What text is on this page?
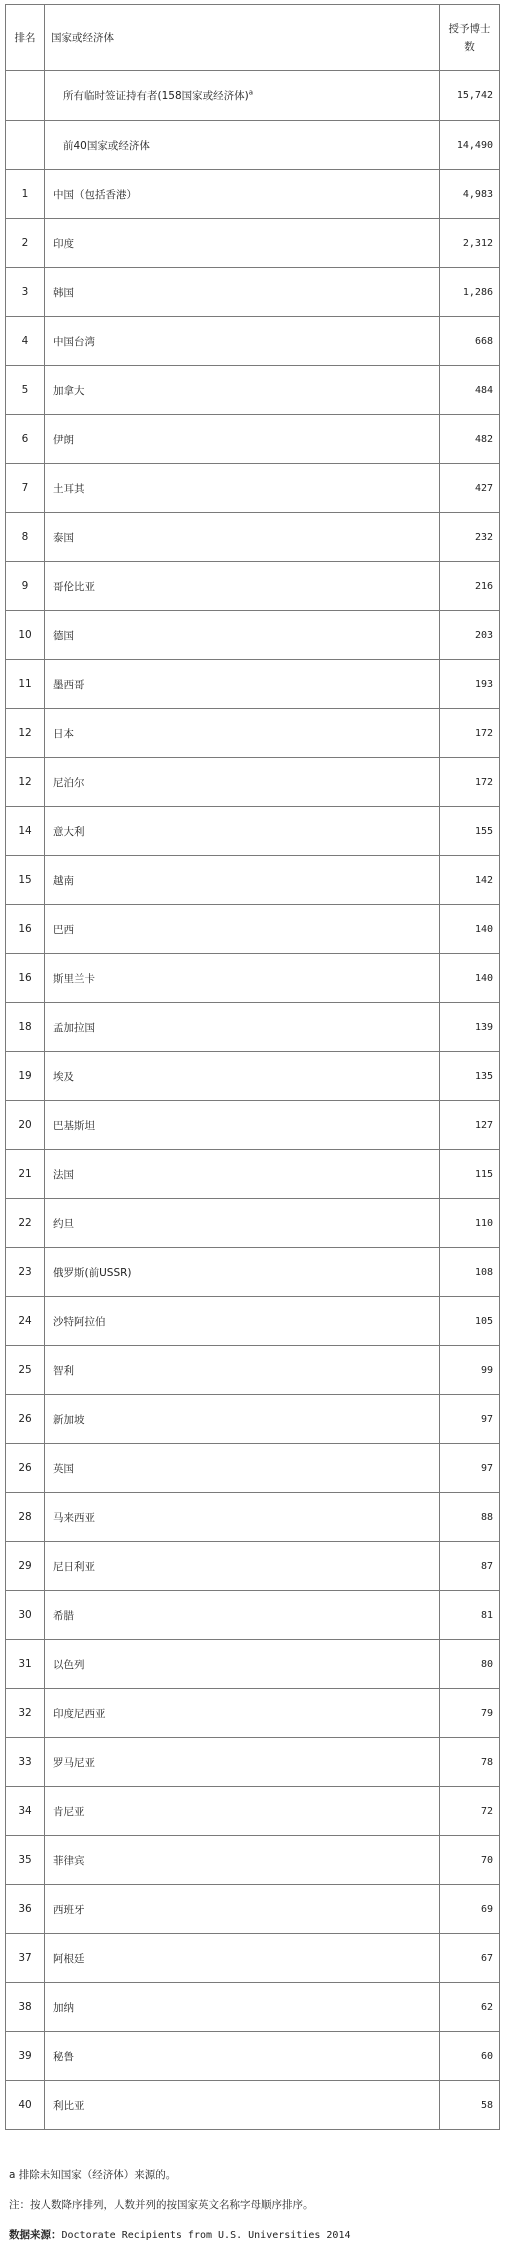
排名	国家或经济体	授予博士
数
	所有临时签证持有者(158国家或经济体)$^a$	15,742
	前40国家或经济体	14,490
1	中国（包括香港）	4,983
2	印度	2,312
3	韩国	1,286
4	中国台湾	668
5	加拿大	484
6	伊朗	482
7	土耳其	427
8	泰国	232
9	哥伦比亚	216
10	德国	203
11	墨西哥	193
12	日本	172
12	尼泊尔	172
14	意大利	155
15	越南	142
16	巴西	140
16	斯里兰卡	140
18	孟加拉国	139
19	埃及	135
20	巴基斯坦	127
21	法国	115
22	约旦	110
23	俄罗斯(前USSR)	108
24	沙特阿拉伯	105
25	智利	99
26	新加坡	97
26	英国	97
28	马来西亚	88
29	尼日利亚	87
30	希腊	81
31	以色列	80
32	印度尼西亚	79
33	罗马尼亚	78
34	肯尼亚	72
35	菲律宾	70
36	西班牙	69
37	阿根廷	67
38	加纳	62
39	秘鲁	60
40	利比亚	58
a 排除未知国家（经济体）来源的。
注：按人数降序排列，人数并列的按国家英文名称字母顺序排序。
数据来源：Doctorate Recipients from U.S. Universities 2014
